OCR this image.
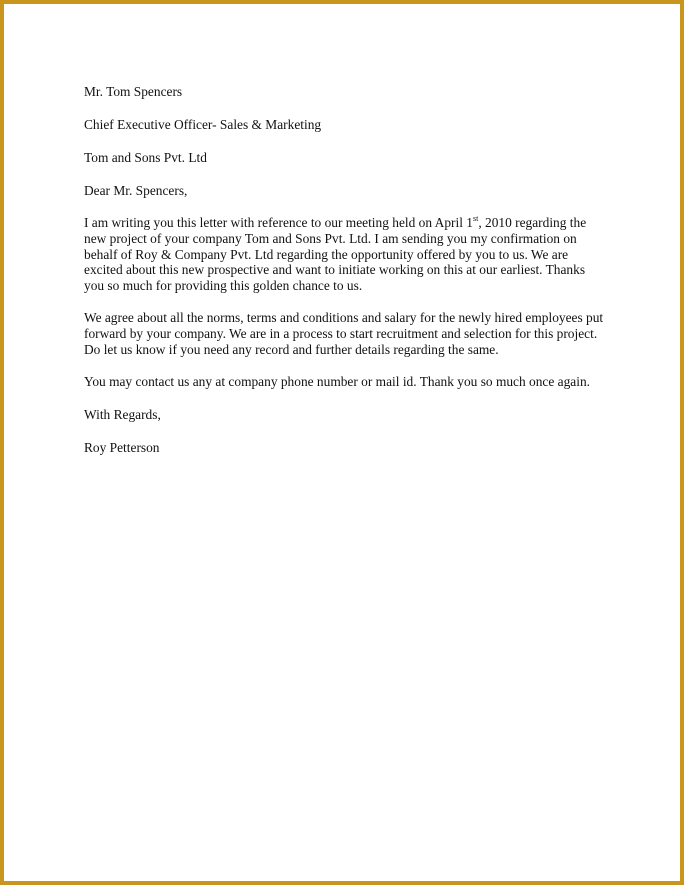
Mr. Tom Spencers

Chief Executive Officer- Sales & Marketing

Tom and Sons Pvt. Ltd

Dear Mr. Spencers,

I am writing you this letter with reference to our meeting held on April 1st, 2010 regarding the
new project of your company Tom and Sons Pvt. Ltd. I am sending you my confirmation on
behalf of Roy & Company Pvt. Ltd regarding the opportunity offered by you to us. We are
excited about this new prospective and want to initiate working on this at our earliest. Thanks
you so much for providing this golden chance to us.
We agree about all the norms, terms and conditions and salary for the newly hired employees put
forward by your company. We are in a process to start recruitment and selection for this project.
Do let us know if you need any record and further details regarding the same.

You may contact us any at company phone number or mail id. Thank you so much once again.

With Regards,

Roy Petterson
